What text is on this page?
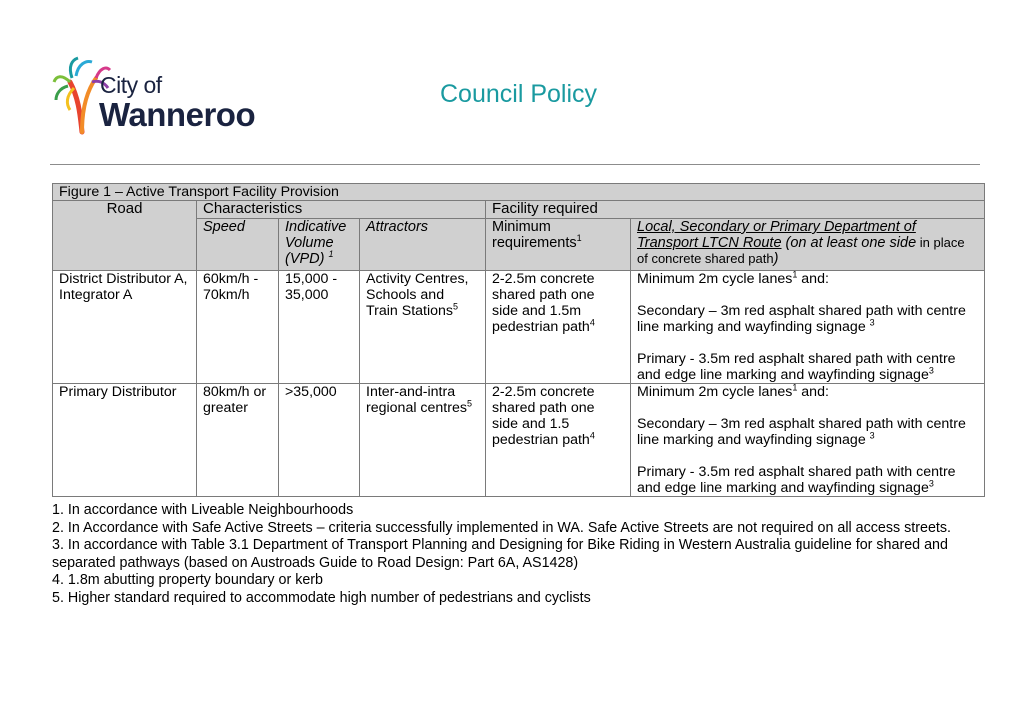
City of
Wanneroo
Council Policy
Figure 1 – Active Transport Facility Provision					
Road	Characteristics			Facility required	
	Speed	Indicative Volume (VPD) $^1$	Attractors	Minimum requirements$^1$	Local, Secondary or Primary Department of Transport LTCN Route (on at least one side in place of concrete shared path)
District Distributor A, Integrator A	60km/h - 70km/h	15,000 - 35,000	Activity Centres, Schools and Train Stations$^5$	2-2.5m concrete shared path one side and 1.5m pedestrian path$^4$	Minimum 2m cycle lanes$^1$ and:
Secondary – 3m red asphalt shared path with centre line marking and wayfinding signage $^3$
Primary - 3.5m red asphalt shared path with centre and edge line marking and wayfinding signage$^3$
Primary Distributor	80km/h or greater	>35,000	Inter-and-intra regional centres$^5$	2-2.5m concrete shared path one side and 1.5 pedestrian path$^4$	Minimum 2m cycle lanes$^1$ and:
Secondary – 3m red asphalt shared path with centre line marking and wayfinding signage $^3$
Primary - 3.5m red asphalt shared path with centre and edge line marking and wayfinding signage$^3$
1. In accordance with Liveable Neighbourhoods
2. In Accordance with Safe Active Streets – criteria successfully implemented in WA. Safe Active Streets are not required on all access streets.
3. In accordance with Table 3.1 Department of Transport Planning and Designing for Bike Riding in Western Australia guideline for shared and separated pathways (based on Austroads Guide to Road Design: Part 6A, AS1428)
4. 1.8m abutting property boundary or kerb
5. Higher standard required to accommodate high number of pedestrians and cyclists
